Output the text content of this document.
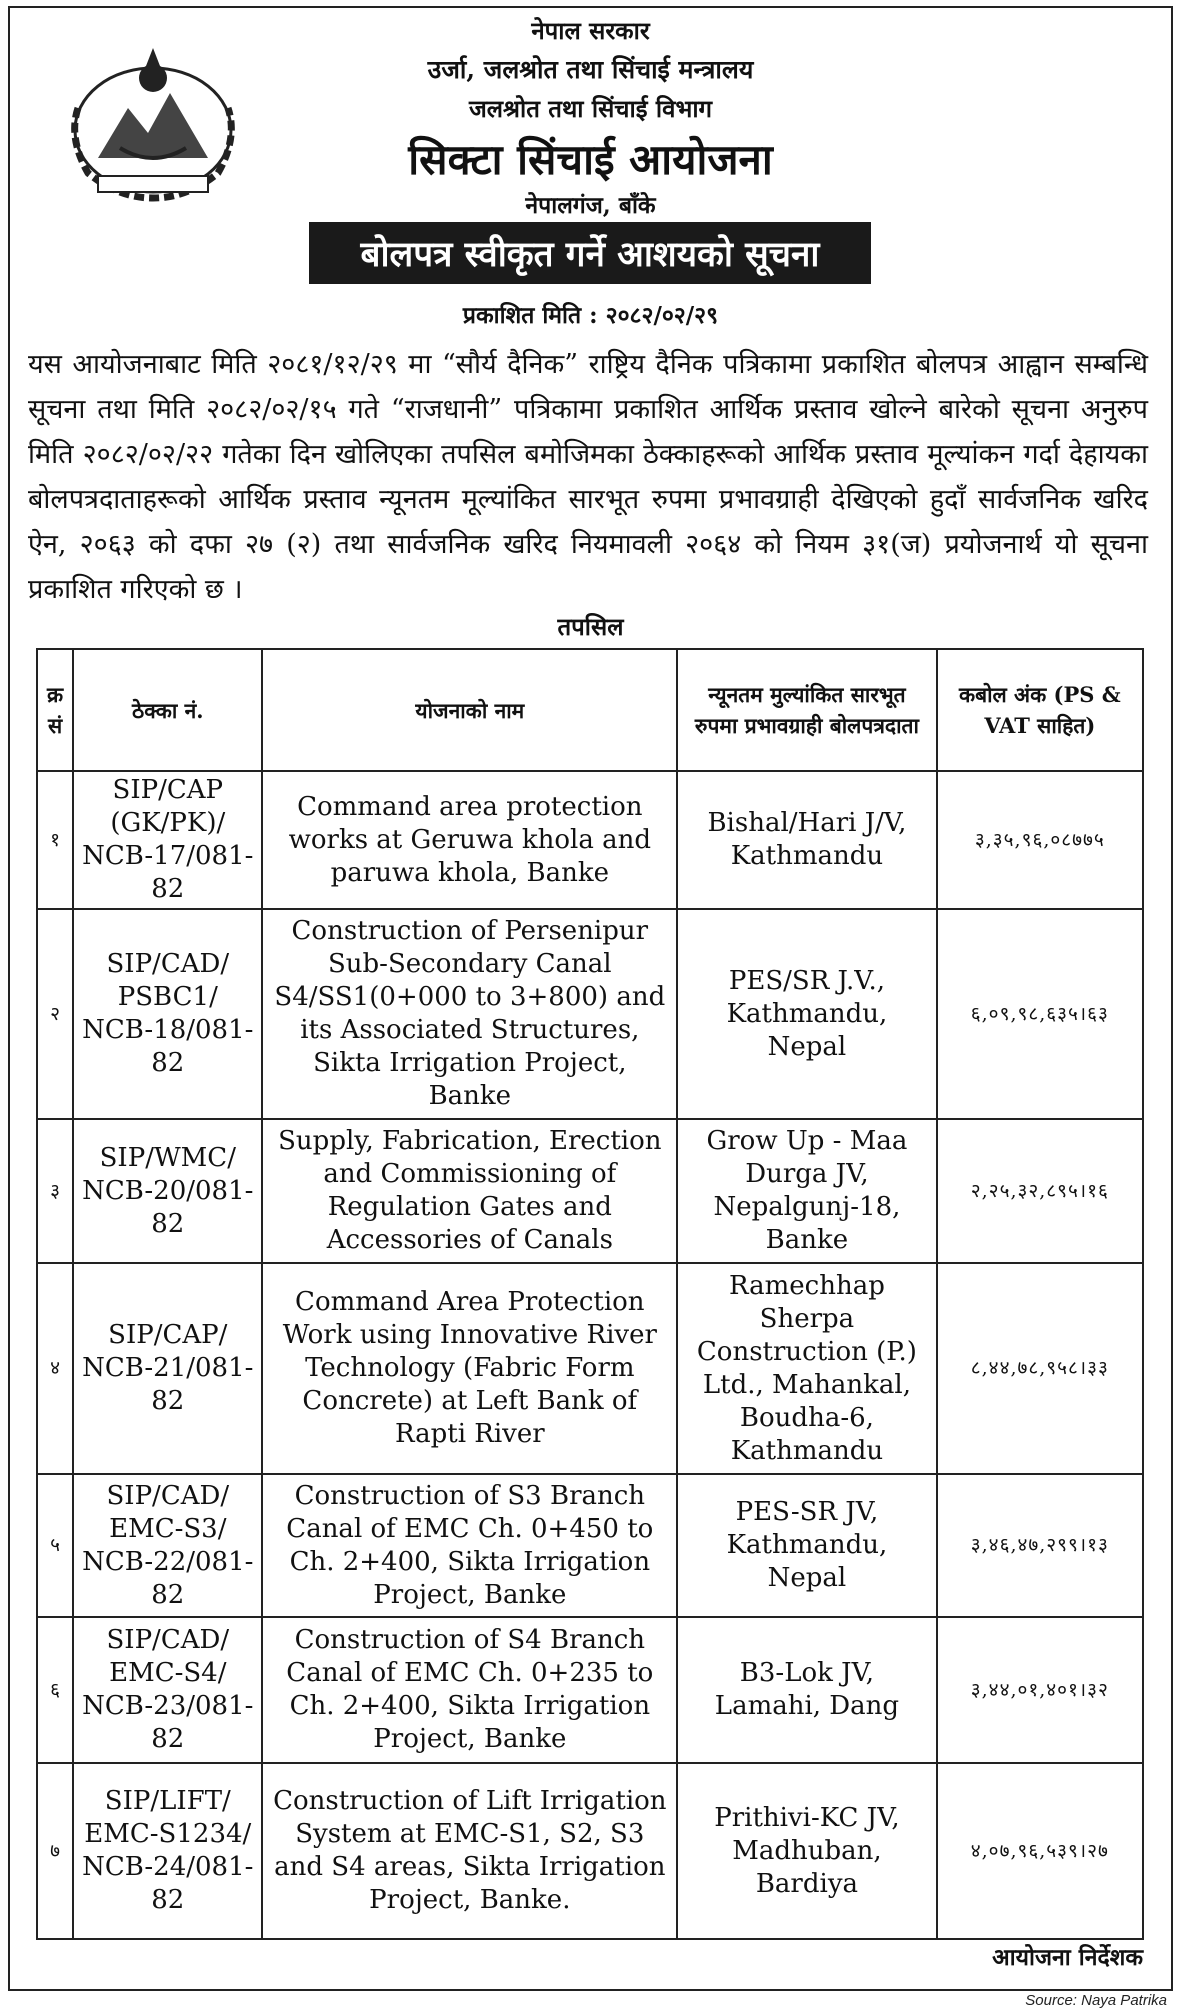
नेपाल सरकार
उर्जा, जलश्रोत तथा सिंचाई मन्त्रालय
जलश्रोत तथा सिंचाई विभाग
सिक्टा सिंचाई आयोजना
नेपालगंज, बाँके
बोलपत्र स्वीकृत गर्ने आशयको सूचना
प्रकाशित मिति : २०८२/०२/२९
यस आयोजनाबाट मिति २०८१/१२/२९ मा “सौर्य दैनिक” राष्ट्रिय दैनिक पत्रिकामा प्रकाशित बोलपत्र आह्वान सम्बन्धि सूचना तथा मिति २०८२/०२/१५ गते “राजधानी” पत्रिकामा प्रकाशित आर्थिक प्रस्ताव खोल्ने बारेको सूचना अनुरुप मिति २०८२/०२/२२ गतेका दिन खोलिएका तपसिल बमोजिमका ठेक्काहरूको आर्थिक प्रस्ताव मूल्यांकन गर्दा देहायका बोलपत्रदाताहरूको आर्थिक प्रस्ताव न्यूनतम मूल्यांकित सारभूत रुपमा प्रभावग्राही देखिएको हुदाँ सार्वजनिक खरिद ऐन, २०६३ को दफा २७ (२) तथा सार्वजनिक खरिद नियमावली २०६४ को नियम ३१(ज) प्रयोजनार्थ यो सूचना प्रकाशित गरिएको छ ।
तपसिल
क्र सं	ठेक्का नं.	योजनाको नाम	न्यूनतम मुल्यांकित सारभूत रुपमा प्रभावग्राही बोलपत्रदाता	कबोल अंक (PS & VAT साहित)
१	SIP/CAP (GK/PK)/ NCB-17/081-82	Command area protection works at Geruwa khola and paruwa khola, Banke	Bishal/Hari J/V, Kathmandu	३,३५,९६,०८७७५
२	SIP/CAD/ PSBC1/ NCB-18/081-82	Construction of Persenipur Sub-Secondary Canal S4/SS1(0+000 to 3+800) and its Associated Structures, Sikta Irrigation Project, Banke	PES/SR J.V., Kathmandu, Nepal	६,०९,९८,६३५।६३
३	SIP/WMC/ NCB-20/081-82	Supply, Fabrication, Erection and Commissioning of Regulation Gates and Accessories of Canals	Grow Up - Maa Durga JV, Nepalgunj-18, Banke	२,२५,३२,८९५।१६
४	SIP/CAP/ NCB-21/081-82	Command Area Protection Work using Innovative River Technology (Fabric Form Concrete) at Left Bank of Rapti River	Ramechhap Sherpa Construction (P.) Ltd., Mahankal, Boudha-6, Kathmandu	८,४४,७८,९५८।३३
५	SIP/CAD/ EMC-S3/ NCB-22/081-82	Construction of S3 Branch Canal of EMC Ch. 0+450 to Ch. 2+400, Sikta Irrigation Project, Banke	PES-SR JV, Kathmandu, Nepal	३,४६,४७,२९९।१३
६	SIP/CAD/ EMC-S4/ NCB-23/081-82	Construction of S4 Branch Canal of EMC Ch. 0+235 to Ch. 2+400, Sikta Irrigation Project, Banke	B3-Lok JV, Lamahi, Dang	३,४४,०१,४०१।३२
७	SIP/LIFT/ EMC-S1234/ NCB-24/081-82	Construction of Lift Irrigation System at EMC-S1, S2, S3 and S4 areas, Sikta Irrigation Project, Banke.	Prithivi-KC JV, Madhuban, Bardiya	४,०७,९६,५३९।२७
आयोजना निर्देशक
Source: Naya Patrika
